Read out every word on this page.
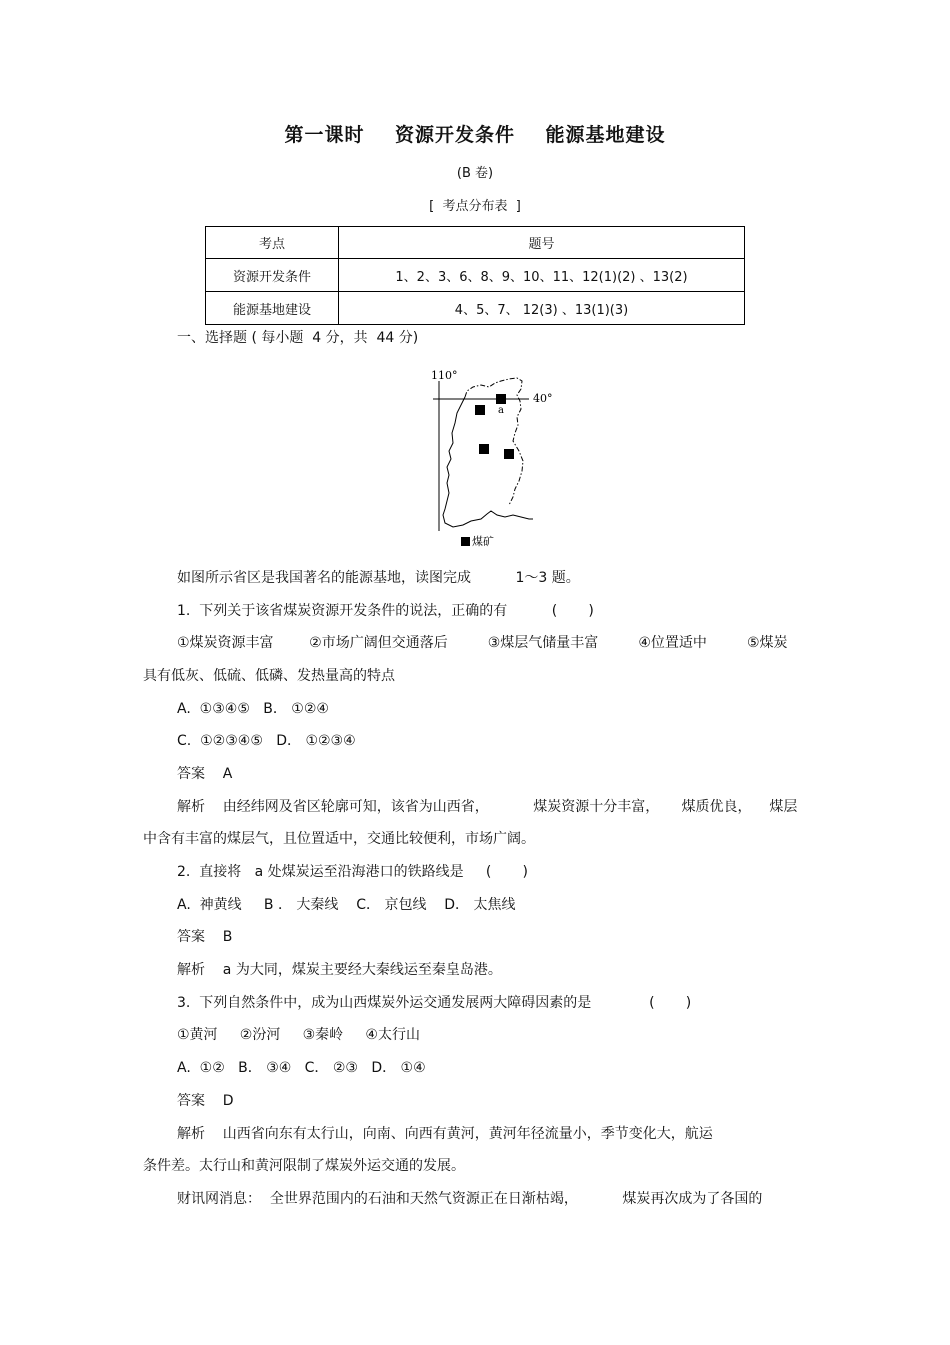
第一课时    资源开发条件    能源基地建设
(B 卷)
[  考点分布表  ]
考点	题号
资源开发条件	1、2、3、6、8、9、10、11、12(1)(2) 、13(2)
能源基地建设	4、5、7、 12(3) 、13(1)(3)
一、选择题 ( 每小题  4 分，共  44 分)
110°
40°
a
煤矿
如图所示省区是我国著名的能源基地，读图完成          1～3 题。
1.  下列关于该省煤炭资源开发条件的说法，正确的有          (       )
①煤炭资源丰富        ②市场广阔但交通落后         ③煤层气储量丰富         ④位置适中         ⑤煤炭
具有低灰、低硫、低磷、发热量高的特点
A.  ①③④⑤   B． ①②④
C.  ①②③④⑤   D． ①②③④
答案    A
解析    由经纬网及省区轮廓可知，该省为山西省，          煤炭资源十分丰富，     煤质优良，    煤层
中含有丰富的煤层气，且位置适中，交通比较便利，市场广阔。
2.  直接将   a 处煤炭运至沿海港口的铁路线是     (       )
A.  神黄线     B ． 大秦线    C． 京包线    D． 太焦线
答案    B
解析    a 为大同，煤炭主要经大秦线运至秦皇岛港。
3.  下列自然条件中，成为山西煤炭外运交通发展两大障碍因素的是             (       )
①黄河     ②汾河     ③秦岭     ④太行山
A.  ①②   B． ③④   C． ②③   D． ①④
答案    D
解析    山西省向东有太行山，向南、向西有黄河，黄河年径流量小，季节变化大，航运
条件差。太行山和黄河限制了煤炭外运交通的发展。
财讯网消息：  全世界范围内的石油和天然气资源正在日渐枯竭，          煤炭再次成为了各国的
